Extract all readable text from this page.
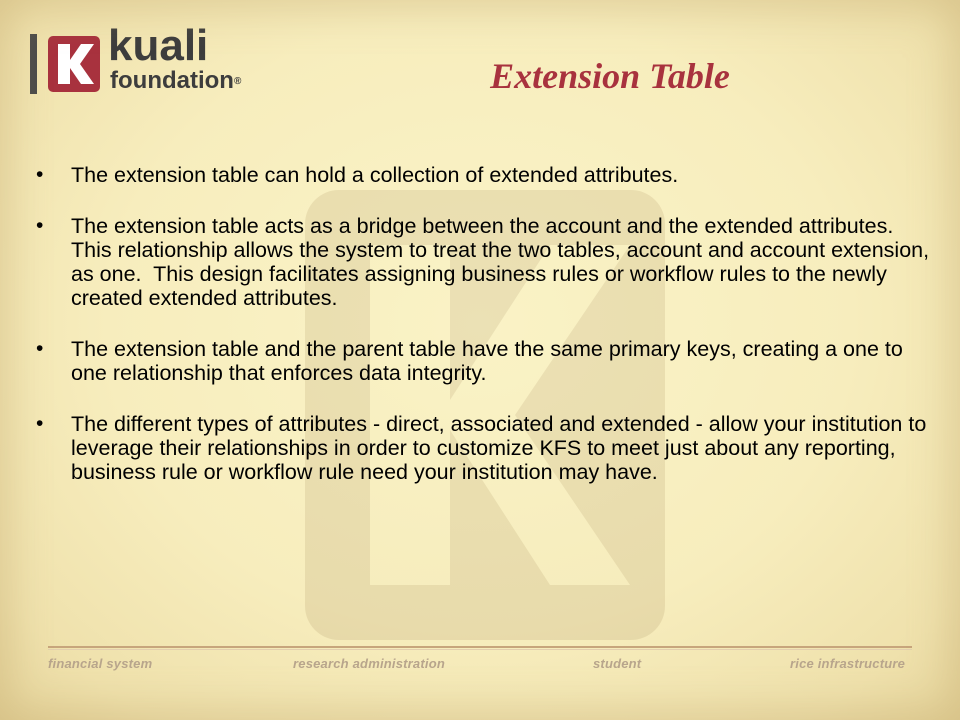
kuali
foundation®	Extension Table
• The extension table can hold a collection of extended attributes.
• The extension table acts as a bridge between the account and the extended attributes.   This relationship allows the system to treat the two tables, account and account extension, as one.  This design facilitates assigning business rules or workflow rules to the newly created extended attributes.
• The extension table and the parent table have the same primary keys, creating a one to one relationship that enforces data integrity.
• The different types of attributes - direct, associated and extended - allow your institution to leverage their relationships in order to customize KFS to meet just about any reporting, business rule or workflow rule need your institution may have.
financial system	research administration	student	rice infrastructure
